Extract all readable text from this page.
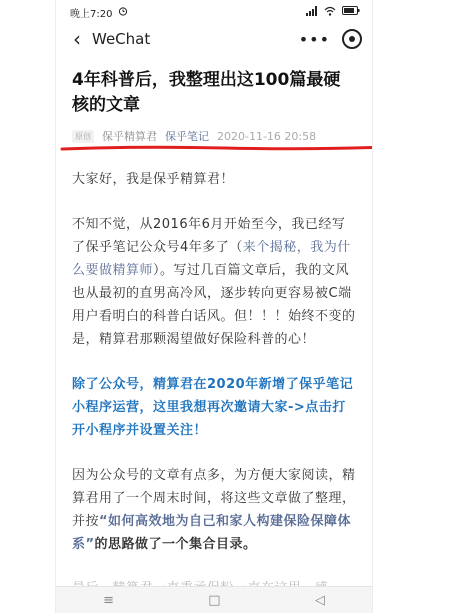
晚上7:20
‹ WeChat	•••
4年科普后，我整理出这100篇最硬核的文章
原创 保乎精算君 保乎笔记 2020-11-16 20:58

大家好，我是保乎精算君！

不知不觉，从2016年6月开始至今，我已经写了保乎笔记公众号4年多了（来个揭秘，我为什么要做精算师）。写过几百篇文章后，我的文风也从最初的直男高冷风，逐步转向更容易被C端用户看明白的科普白话风。但！！！始终不变的是，精算君那颗渴望做好保险科普的心！

除了公众号，精算君在2020年新增了保乎笔记小程序运营，这里我想再次邀请大家->点击打开小程序并设置关注！

因为公众号的文章有点多，为方便大家阅读，精算君用了一个周末时间，将这些文章做了整理，并按“如何高效地为自己和家人构建保险保障体系”的思路做了一个集合目录。

≡	□	◁
